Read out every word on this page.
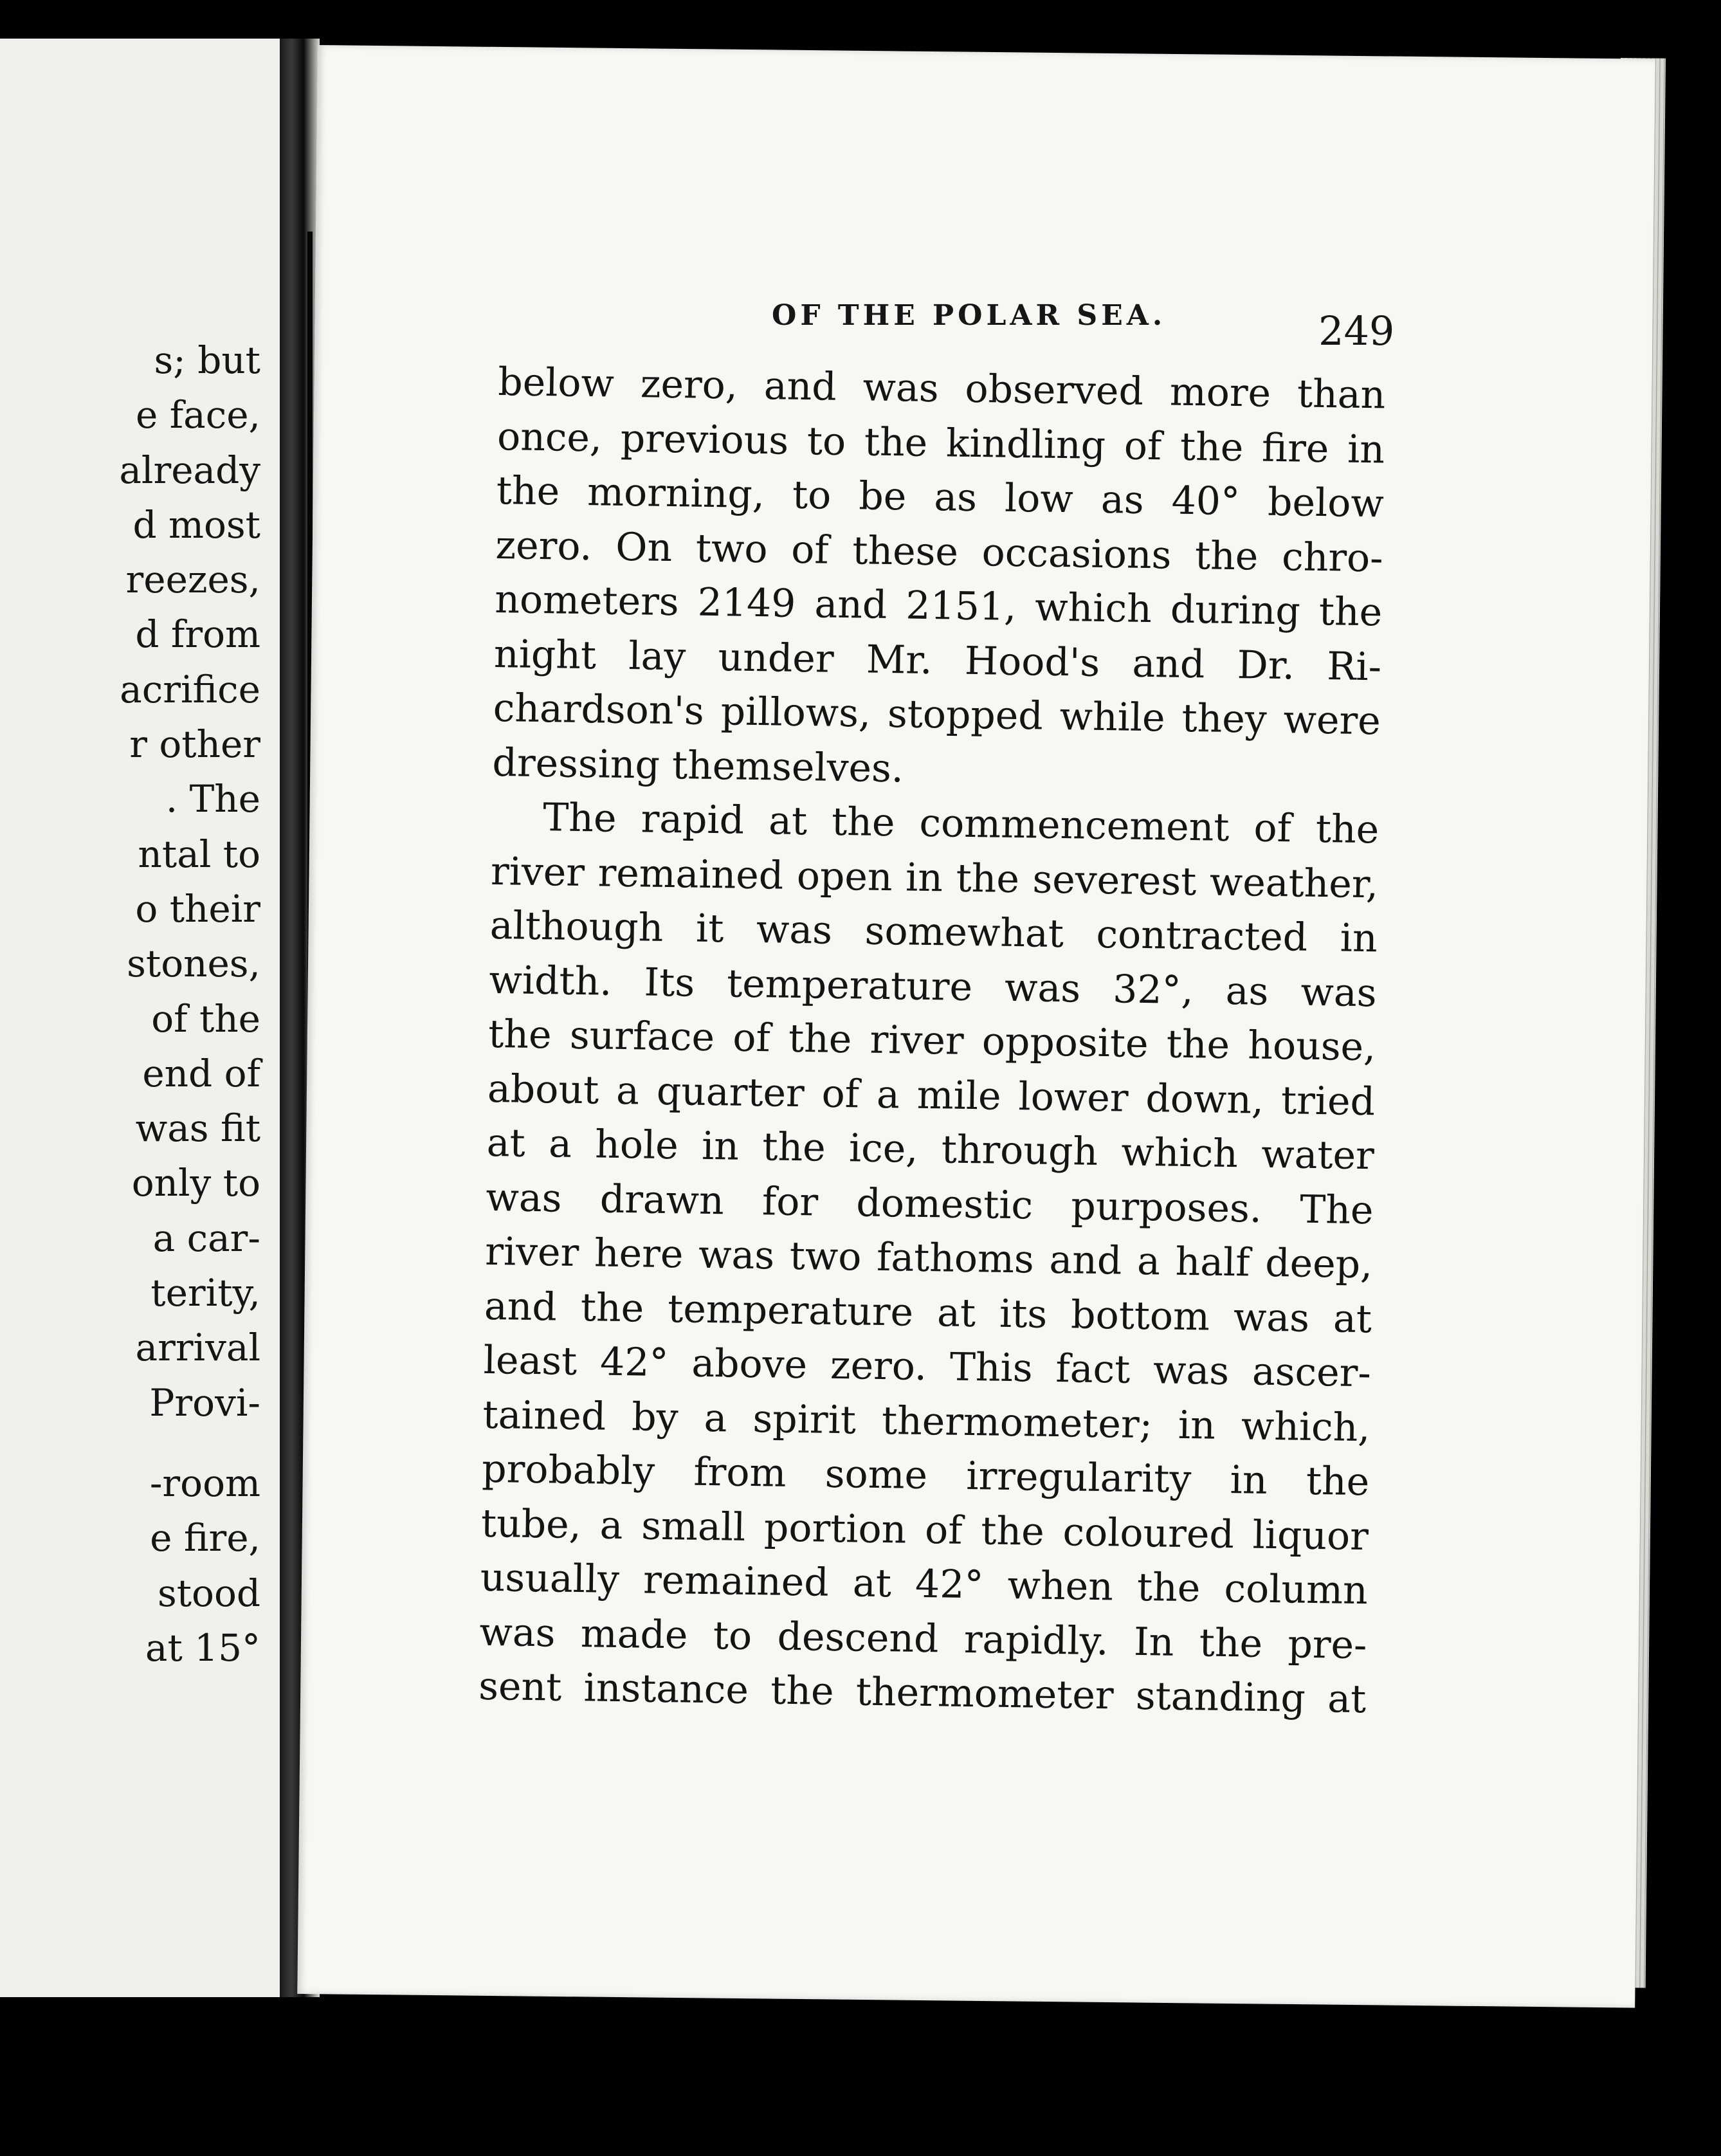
s; but
e face,
already
d most
reezes,
d from
acrifice
r other
. The
ntal to
o their
stones,
of the
end of
was fit
only to
a car-
terity,
arrival
Provi-
-room
e fire,
stood
at 15°
OF THE POLAR SEA.	249
below zero, and was observed more than
once, previous to the kindling of the fire in
the morning, to be as low as 40° below
zero. On two of these occasions the chro-
nometers 2149 and 2151, which during the
night lay under Mr. Hood's and Dr. Ri-
chardson's pillows, stopped while they were
dressing themselves.
The rapid at the commencement of the
river remained open in the severest weather,
although it was somewhat contracted in
width. Its temperature was 32°, as was
the surface of the river opposite the house,
about a quarter of a mile lower down, tried
at a hole in the ice, through which water
was drawn for domestic purposes. The
river here was two fathoms and a half deep,
and the temperature at its bottom was at
least 42° above zero. This fact was ascer-
tained by a spirit thermometer; in which,
probably from some irregularity in the
tube, a small portion of the coloured liquor
usually remained at 42° when the column
was made to descend rapidly. In the pre-
sent instance the thermometer standing at
